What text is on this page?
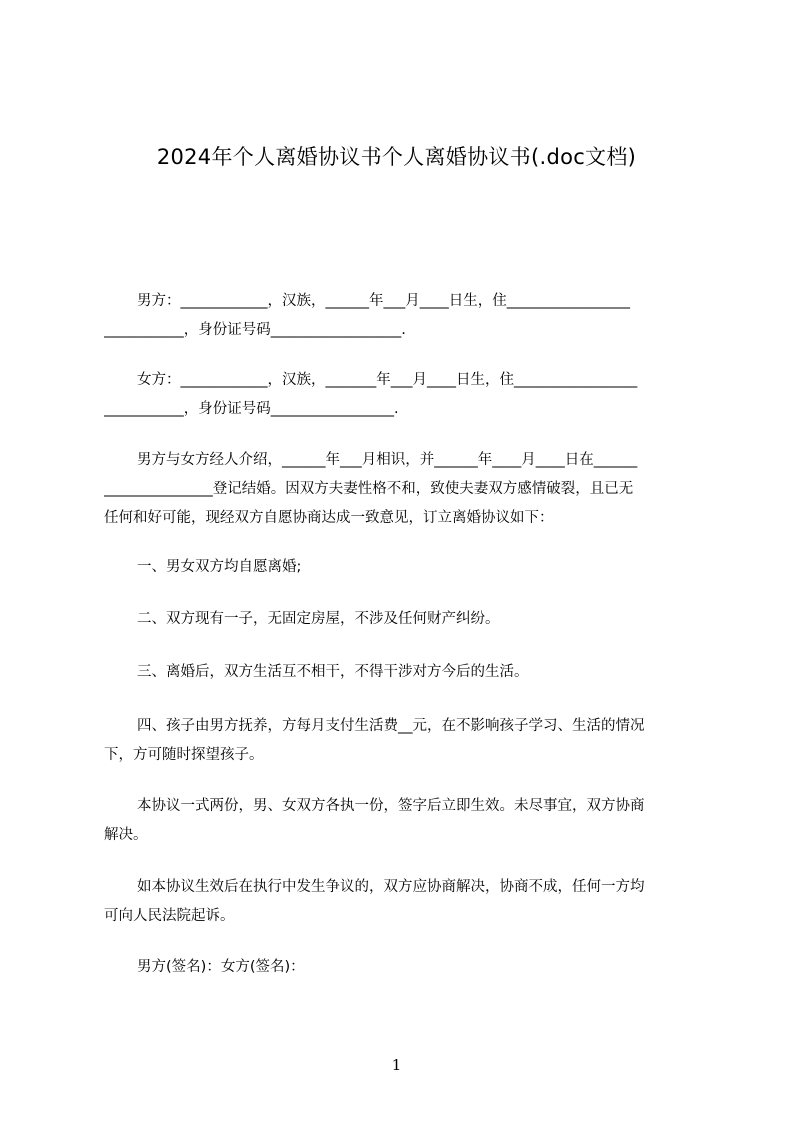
2024年个人离婚协议书个人离婚协议书(.doc文档)
男方：____________，汉族，______年___月____日生，住_________________
___________，身份证号码__________________.
女方：____________，汉族，_______年___月____日生，住_________________
___________，身份证号码_________________.
男方与女方经人介绍，______年___月相识，并______年____月____日在______
_______________登记结婚。因双方夫妻性格不和，致使夫妻双方感情破裂，且已无
任何和好可能，现经双方自愿协商达成一致意见，订立离婚协议如下：
一、男女双方均自愿离婚;
二、双方现有一子，无固定房屋，不涉及任何财产纠纷。
三、离婚后，双方生活互不相干，不得干涉对方今后的生活。
四、孩子由男方抚养，方每月支付生活费__元，在不影响孩子学习、生活的情况
下，方可随时探望孩子。
本协议一式两份，男、女双方各执一份，签字后立即生效。未尽事宜，双方协商
解决。
如本协议生效后在执行中发生争议的，双方应协商解决，协商不成，任何一方均
可向人民法院起诉。
男方(签名)：女方(签名)：
1
